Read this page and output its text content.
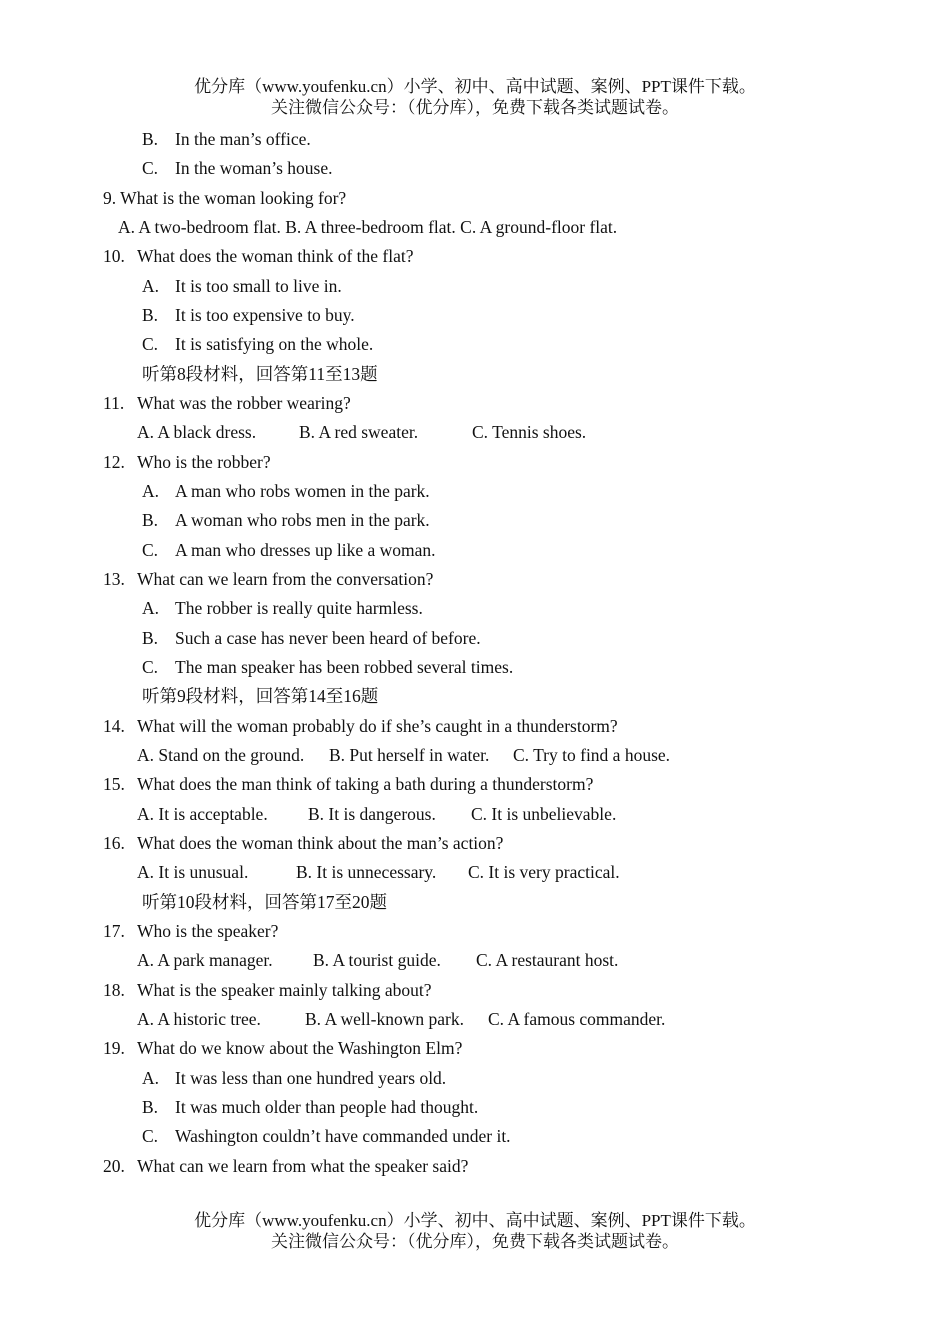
优分库（www.youfenku.cn）小学、初中、高中试题、案例、PPT课件下载。
关注微信公众号：（优分库），免费下载各类试题试卷。
B. In the man’s office.
C. In the woman’s house.
9. What is the woman looking for?
A. A two-bedroom flat. B. A three-bedroom flat. C. A ground-floor flat.
10. What does the woman think of the flat?
A. It is too small to live in.
B. It is too expensive to buy.
C. It is satisfying on the whole.
听第8段材料，回答第11至13题
11. What was the robber wearing?
A. A black dress. B. A red sweater.	C. Tennis shoes.
12. Who is the robber?
A. A man who robs women in the park.
B. A woman who robs men in the park.
C. A man who dresses up like a woman.
13. What can we learn from the conversation?
A. The robber is really quite harmless.
B. Such a case has never been heard of before.
C. The man speaker has been robbed several times.
听第9段材料，回答第14至16题
14. What will the woman probably do if she’s caught in a thunderstorm?
A. Stand on the ground. B. Put herself in water. C. Try to find a house.
15. What does the man think of taking a bath during a thunderstorm?
A. It is acceptable. B. It is dangerous. C. It is unbelievable.
16. What does the woman think about the man’s action?
A. It is unusual.	B. It is unnecessary. C. It is very practical.
听第10段材料，回答第17至20题
17. Who is the speaker?
A. A park manager. B. A tourist guide. C. A restaurant host.
18. What is the speaker mainly talking about?
A. A historic tree.	B. A well-known park. C. A famous commander.
19. What do we know about the Washington Elm?
A. It was less than one hundred years old.
B. It was much older than people had thought.
C. Washington couldn’t have commanded under it.
20. What can we learn from what the speaker said?
优分库（www.youfenku.cn）小学、初中、高中试题、案例、PPT课件下载。
关注微信公众号：（优分库），免费下载各类试题试卷。
